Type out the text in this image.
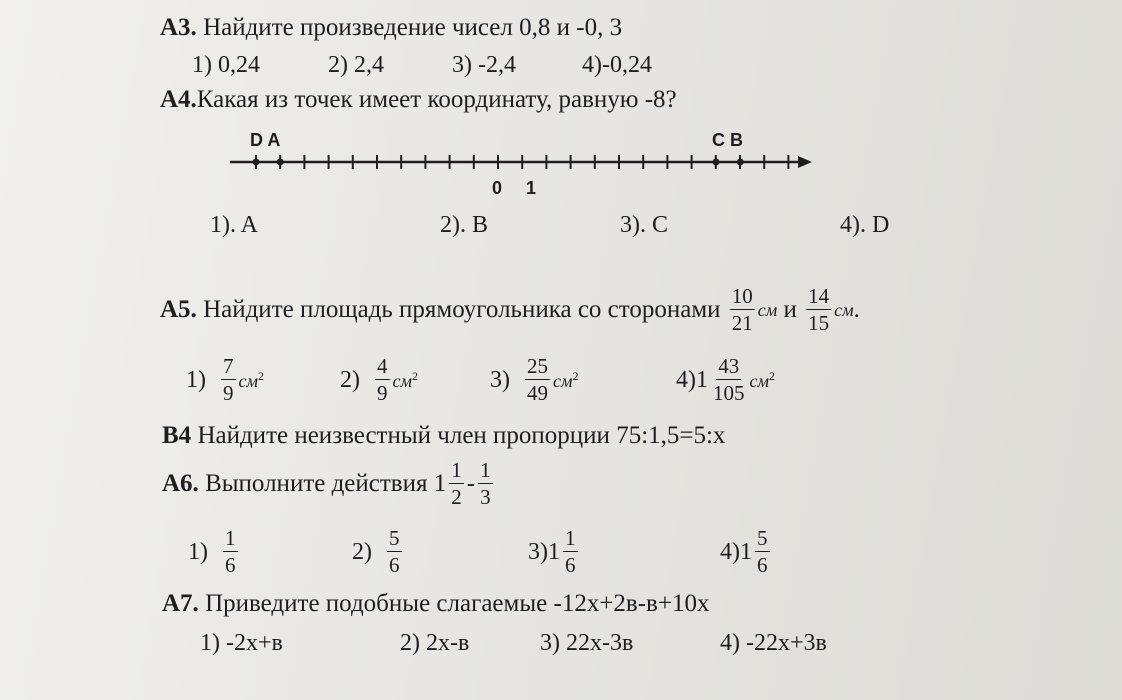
А3. Найдите произведение чисел 0,8 и -0, 3
1) 0,24	2) 2,4	3) -2,4	4)-0,24
А4.Какая из точек имеет координату, равную -8?
D A	C B
0 1
1). A	2). B	3). C	4). D
А5.
Найдите площадь прямоугольника со сторонами
$\frac{10}{21}$ см
и
$\frac{14}{15}$ см .
1)
$\frac{7}{9} см^2$	2)
$\frac{4}{9} см^2$	3)
$\frac{25}{49} см^2$	4) $1 \frac{43}{105} см^2$
В4 Найдите неизвестный член пропорции 75:1,5=5:х
А6.
Выполните действия
$1 \frac{1}{2} - \frac{1}{3}$
1)
$\frac{1}{6}$	2)
$\frac{5}{6}$	3) $1 \frac{1}{6}$	4) $1 \frac{5}{6}$
А7. Приведите подобные слагаемые -12х+2в-в+10х
1) -2х+в	2) 2х-в	3) 22х-3в	4) -22х+3в
